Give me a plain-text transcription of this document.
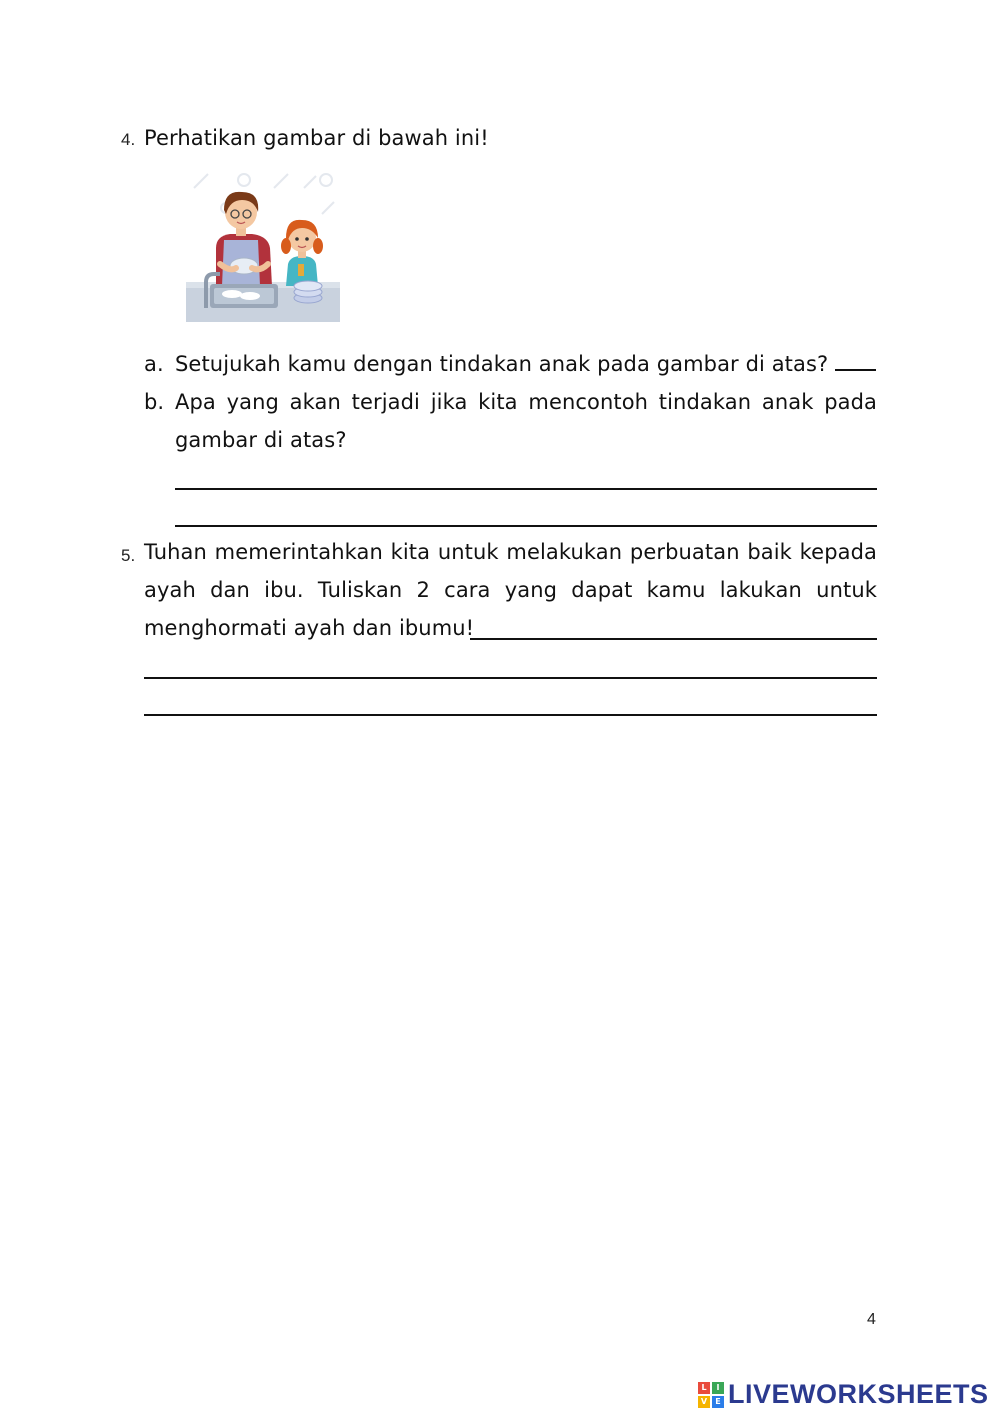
4. Perhatikan gambar di bawah ini!
a. Setujukah kamu dengan tindakan anak pada gambar di atas?
b. Apa yang akan terjadi jika kita mencontoh tindakan anak pada
gambar di atas?
5. Tuhan memerintahkan kita untuk melakukan perbuatan baik kepada
ayah dan ibu. Tuliskan 2 cara yang dapat kamu lakukan untuk
menghormati ayah dan ibumu!
4
L	I
V	E LIVEWORKSHEETS
